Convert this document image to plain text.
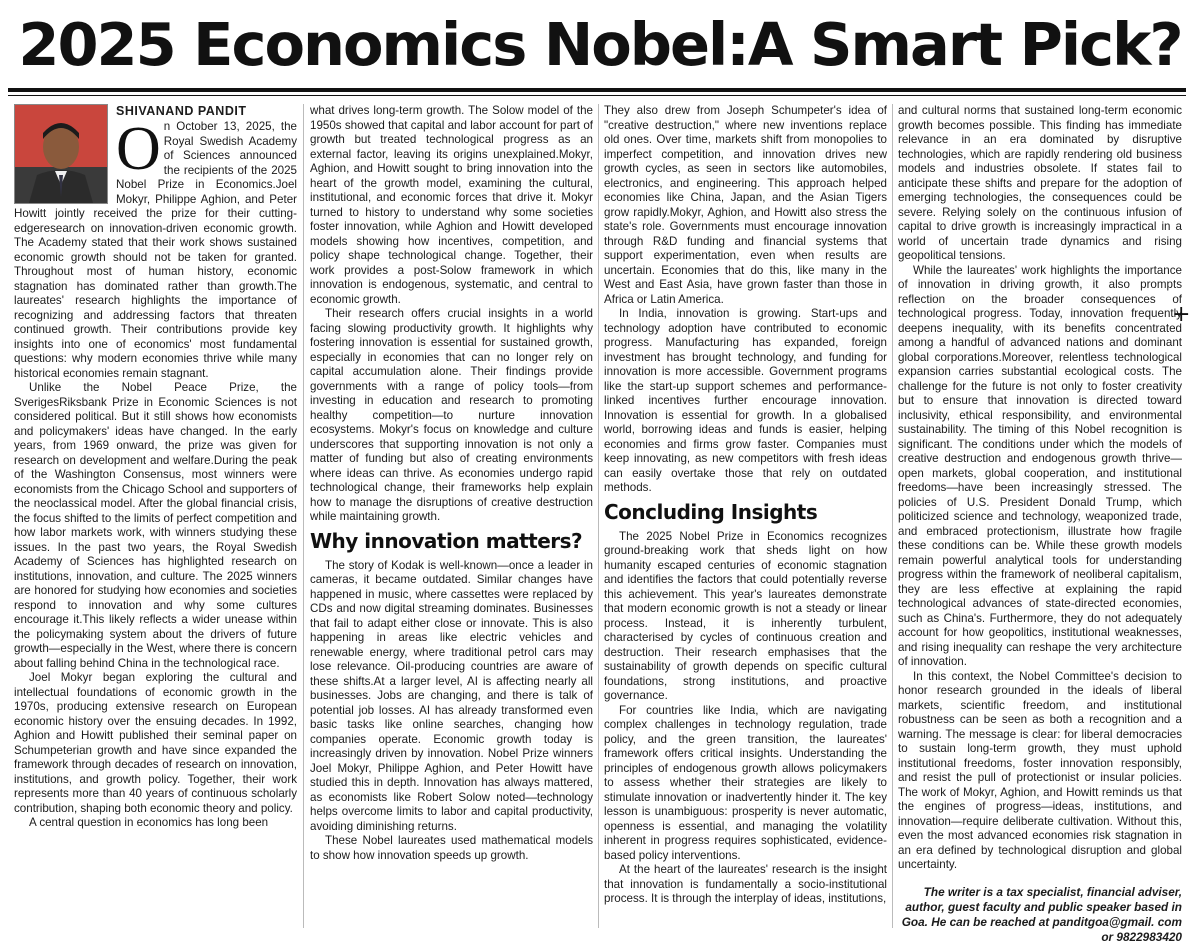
2025 Economics Nobel:A Smart Pick?
SHIVANAND PANDIT

On October 13, 2025, the Royal Swedish Academy of Sciences announced the recipients of the 2025 Nobel Prize in Economics.Joel Mokyr, Philippe Aghion, and Peter Howitt jointly received the prize for their cutting-edgeresearch on innovation-driven economic growth. The Academy stated that their work shows sustained economic growth should not be taken for granted. Throughout most of human history, economic stagnation has dominated rather than growth.The laureates' research highlights the importance of recognizing and addressing factors that threaten continued growth. Their contributions provide key insights into one of economics' most fundamental questions: why modern economies thrive while many historical economies remain stagnant.

Unlike the Nobel Peace Prize, the SverigesRiksbank Prize in Economic Sciences is not considered political. But it still shows how economists and policymakers' ideas have changed. In the early years, from 1969 onward, the prize was given for research on development and welfare.During the peak of the Washington Consensus, most winners were economists from the Chicago School and supporters of the neoclassical model. After the global financial crisis, the focus shifted to the limits of perfect competition and how labor markets work, with winners studying these issues. In the past two years, the Royal Swedish Academy of Sciences has highlighted research on institutions, innovation, and culture. The 2025 winners are honored for studying how economies and societies respond to innovation and why some cultures encourage it.This likely reflects a wider unease within the policymaking system about the drivers of future growth—especially in the West, where there is concern about falling behind China in the technological race.

Joel Mokyr began exploring the cultural and intellectual foundations of economic growth in the 1970s, producing extensive research on European economic history over the ensuing decades. In 1992, Aghion and Howitt published their seminal paper on Schumpeterian growth and have since expanded the framework through decades of research on innovation, institutions, and growth policy. Together, their work represents more than 40 years of continuous scholarly contribution, shaping both economic theory and policy.

A central question in economics has long been

what drives long-term growth. The Solow model of the 1950s showed that capital and labor account for part of growth but treated technological progress as an external factor, leaving its origins unexplained.Mokyr, Aghion, and Howitt sought to bring innovation into the heart of the growth model, examining the cultural, institutional, and economic forces that drive it. Mokyr turned to history to understand why some societies foster innovation, while Aghion and Howitt developed models showing how incentives, competition, and policy shape technological change. Together, their work provides a post-Solow framework in which innovation is endogenous, systematic, and central to economic growth.

Their research offers crucial insights in a world facing slowing productivity growth. It highlights why fostering innovation is essential for sustained growth, especially in economies that can no longer rely on capital accumulation alone. Their findings provide governments with a range of policy tools—from investing in education and research to promoting healthy competition—to nurture innovation ecosystems. Mokyr's focus on knowledge and culture underscores that supporting innovation is not only a matter of funding but also of creating environments where ideas can thrive. As economies undergo rapid technological change, their frameworks help explain how to manage the disruptions of creative destruction while maintaining growth.

Why innovation matters?

The story of Kodak is well-known—once a leader in cameras, it became outdated. Similar changes have happened in music, where cassettes were replaced by CDs and now digital streaming dominates. Businesses that fail to adapt either close or innovate. This is also happening in areas like electric vehicles and renewable energy, where traditional petrol cars may lose relevance. Oil-producing countries are aware of these shifts.At a larger level, AI is affecting nearly all businesses. Jobs are changing, and there is talk of potential job losses. AI has already transformed even basic tasks like online searches, changing how companies operate. Economic growth today is increasingly driven by innovation. Nobel Prize winners Joel Mokyr, Philippe Aghion, and Peter Howitt have studied this in depth. Innovation has always mattered, as economists like Robert Solow noted—technology helps overcome limits to labor and capital productivity, avoiding diminishing returns.

These Nobel laureates used mathematical models to show how innovation speeds up growth.

They also drew from Joseph Schumpeter's idea of "creative destruction," where new inventions replace old ones. Over time, markets shift from monopolies to imperfect competition, and innovation drives new growth cycles, as seen in sectors like automobiles, electronics, and engineering. This approach helped economies like China, Japan, and the Asian Tigers grow rapidly.Mokyr, Aghion, and Howitt also stress the state's role. Governments must encourage innovation through R&D funding and financial systems that support experimentation, even when results are uncertain. Economies that do this, like many in the West and East Asia, have grown faster than those in Africa or Latin America.

In India, innovation is growing. Start-ups and technology adoption have contributed to economic progress. Manufacturing has expanded, foreign investment has brought technology, and funding for innovation is more accessible. Government programs like the start-up support schemes and performance-linked incentives further encourage innovation. Innovation is essential for growth. In a globalised world, borrowing ideas and funds is easier, helping economies and firms grow faster. Companies must keep innovating, as new competitors with fresh ideas can easily overtake those that rely on outdated methods.

Concluding Insights

The 2025 Nobel Prize in Economics recognizes ground-breaking work that sheds light on how humanity escaped centuries of economic stagnation and identifies the factors that could potentially reverse this achievement. This year's laureates demonstrate that modern economic growth is not a steady or linear process. Instead, it is inherently turbulent, characterised by cycles of continuous creation and destruction. Their research emphasises that the sustainability of growth depends on specific cultural foundations, strong institutions, and proactive governance.

For countries like India, which are navigating complex challenges in technology regulation, trade policy, and the green transition, the laureates' framework offers critical insights. Understanding the principles of endogenous growth allows policymakers to assess whether their strategies are likely to stimulate innovation or inadvertently hinder it. The key lesson is unambiguous: prosperity is never automatic, openness is essential, and managing the volatility inherent in progress requires sophisticated, evidence-based policy interventions.

At the heart of the laureates' research is the insight that innovation is fundamentally a socio-institutional process. It is through the interplay of ideas, institutions,

and cultural norms that sustained long-term economic growth becomes possible. This finding has immediate relevance in an era dominated by disruptive technologies, which are rapidly rendering old business models and industries obsolete. If states fail to anticipate these shifts and prepare for the adoption of emerging technologies, the consequences could be severe. Relying solely on the continuous infusion of capital to drive growth is increasingly impractical in a world of uncertain trade dynamics and rising geopolitical tensions.

While the laureates' work highlights the importance of innovation in driving growth, it also prompts reflection on the broader consequences of technological progress. Today, innovation frequently deepens inequality, with its benefits concentrated among a handful of advanced nations and dominant global corporations.Moreover, relentless technological expansion carries substantial ecological costs. The challenge for the future is not only to foster creativity but to ensure that innovation is directed toward inclusivity, ethical responsibility, and environmental sustainability. The timing of this Nobel recognition is significant. The conditions under which the models of creative destruction and endogenous growth thrive—open markets, global cooperation, and institutional freedoms—have been increasingly stressed. The policies of U.S. President Donald Trump, which politicized science and technology, weaponized trade, and embraced protectionism, illustrate how fragile these conditions can be. While these growth models remain powerful analytical tools for understanding progress within the framework of neoliberal capitalism, they are less effective at explaining the rapid technological advances of state-directed economies, such as China's. Furthermore, they do not adequately account for how geopolitics, institutional weaknesses, and rising inequality can reshape the very architecture of innovation.

In this context, the Nobel Committee's decision to honor research grounded in the ideals of liberal markets, scientific freedom, and institutional robustness can be seen as both a recognition and a warning. The message is clear: for liberal democracies to sustain long-term growth, they must uphold institutional freedoms, foster innovation responsibly, and resist the pull of protectionist or insular policies. The work of Mokyr, Aghion, and Howitt reminds us that the engines of progress—ideas, institutions, and innovation—require deliberate cultivation. Without this, even the most advanced economies risk stagnation in an era defined by technological disruption and global uncertainty.

The writer is a tax specialist, financial adviser, author, guest faculty and public speaker based in Goa. He can be reached at panditgoa@gmail. com or 9822983420
+
